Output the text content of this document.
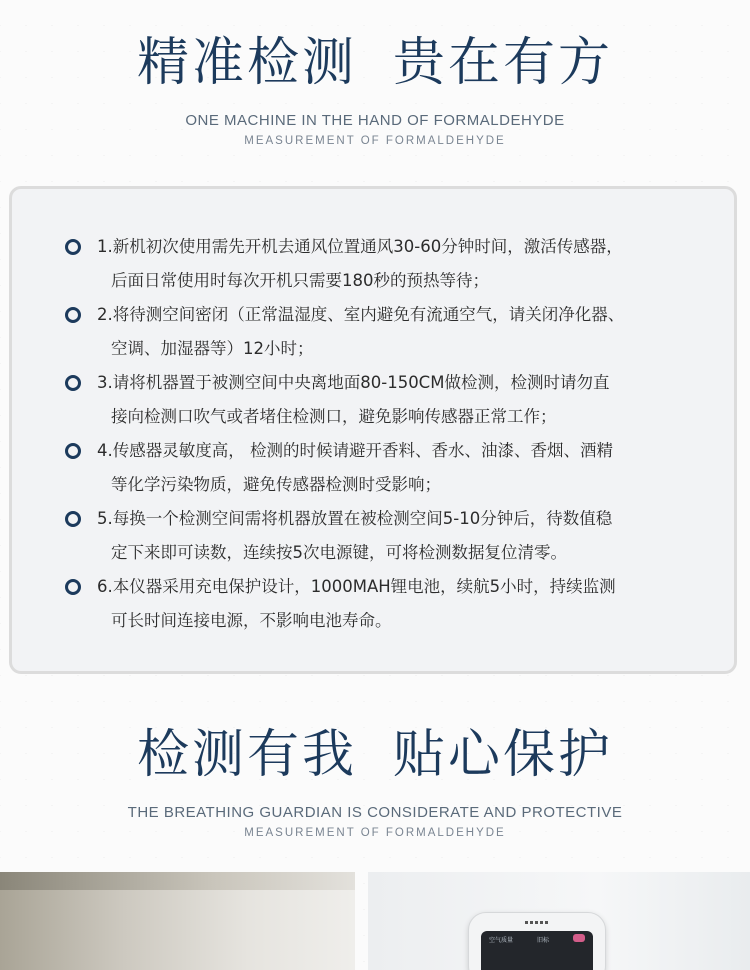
精准检测 贵在有方
ONE MACHINE IN THE HAND OF FORMALDEHYDE
MEASUREMENT OF FORMALDEHYDE
1.新机初次使用需先开机去通风位置通风30-60分钟时间，激活传感器，
后面日常使用时每次开机只需要180秒的预热等待；
2.将待测空间密闭（正常温湿度、室内避免有流通空气，请关闭净化器、
空调、加湿器等）12小时；
3.请将机器置于被测空间中央离地面80-150CM做检测，检测时请勿直
接向检测口吹气或者堵住检测口，避免影响传感器正常工作；
4.传感器灵敏度高， 检测的时候请避开香料、香水、油漆、香烟、酒精
等化学污染物质，避免传感器检测时受影响；
5.每换一个检测空间需将机器放置在被检测空间5-10分钟后，待数值稳
定下来即可读数，连续按5次电源键，可将检测数据复位清零。
6.本仪器采用充电保护设计，1000MAH锂电池，续航5小时，持续监测
可长时间连接电源，不影响电池寿命。
检测有我 贴心保护
THE BREATHING GUARDIAN IS CONSIDERATE AND PROTECTIVE
MEASUREMENT OF FORMALDEHYDE
空气质量	旧标
